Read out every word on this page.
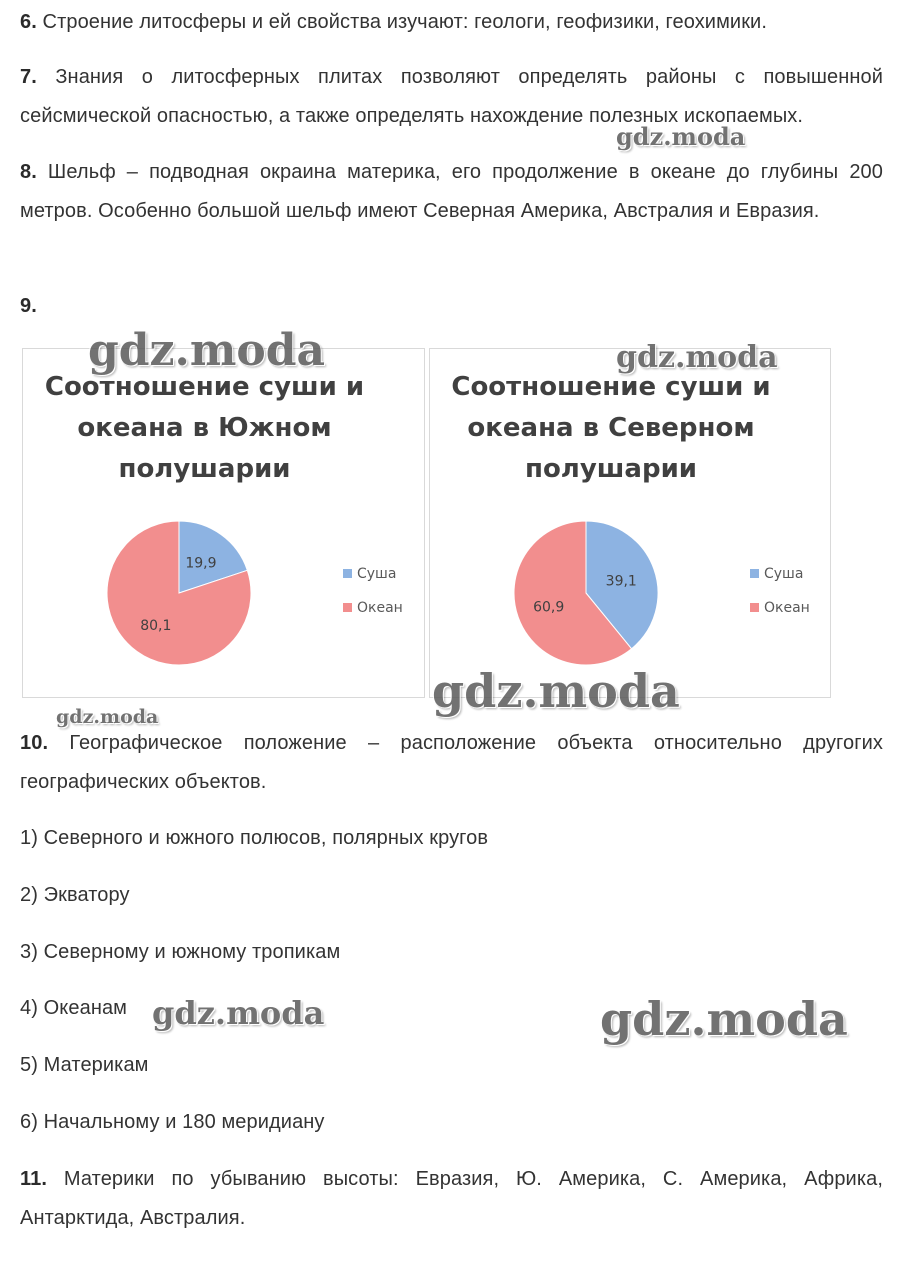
6. Строение литосферы и ей свойства изучают: геологи, геофизики, геохимики.

7. Знания о литосферных плитах позволяют определять районы с повышенной сейсмической опасностью, а также определять нахождение полезных ископаемых.

8. Шельф – подводная окраина материка, его продолжение в океане до глубины 200 метров. Особенно большой шельф имеют Северная Америка, Австралия и Евразия.

9.

Соотношение суши и
океана в Южном
полушарии
19,9
80,1
Суша
Океан
Соотношение суши и
океана в Северном
полушарии
39,1
60,9
Суша
Океан

10. Географическое положение – расположение объекта относительно другогих географических объектов.

1) Северного и южного полюсов, полярных кругов

2) Экватору

3) Северному и южному тропикам

4) Океанам

5) Материкам

6) Начальному и 180 меридиану

11. Материки по убыванию высоты: Евразия, Ю. Америка, С. Америка, Африка, Антарктида, Австралия.

gdz.moda
gdz.moda	gdz.moda
gdz.moda
gdz.moda
gdz.moda	gdz.moda
